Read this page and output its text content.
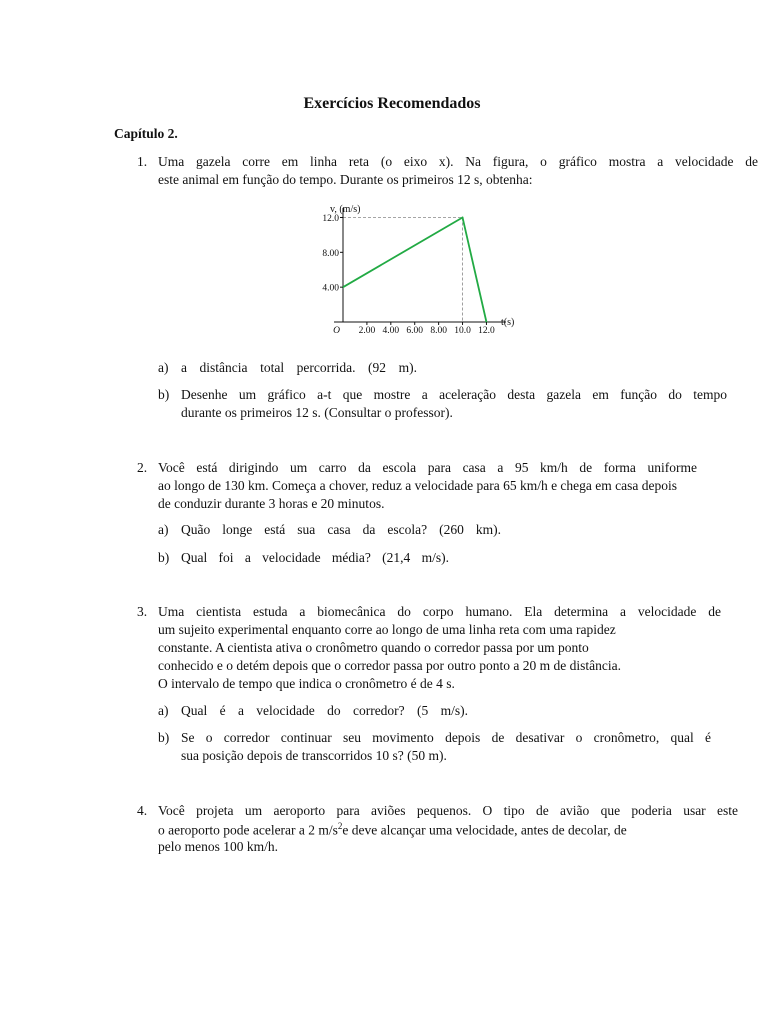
Exercícios Recomendados
Capítulo 2.
1. Uma gazela corre em linha reta (o eixo x). Na figura, o gráfico mostra a velocidade de
este animal em função do tempo. Durante os primeiros 12 s, obtenha:
4.00
8.00
12.0
2.00 4.00 6.00 8.00 10.0 12.0
O
v, (m/s)
t(s)
a) a distância total percorrida. (92 m).
b) Desenhe um gráfico a-t que mostre a aceleração desta gazela em função do tempo
durante os primeiros 12 s. (Consultar o professor).
2. Você está dirigindo um carro da escola para casa a 95 km/h de forma uniforme
ao longo de 130 km. Começa a chover, reduz a velocidade para 65 km/h e chega em casa depois
de conduzir durante 3 horas e 20 minutos.
a) Quão longe está sua casa da escola? (260 km).
b) Qual foi a velocidade média? (21,4 m/s).
3. Uma cientista estuda a biomecânica do corpo humano. Ela determina a velocidade de
um sujeito experimental enquanto corre ao longo de uma linha reta com uma rapidez
constante. A cientista ativa o cronômetro quando o corredor passa por um ponto
conhecido e o detém depois que o corredor passa por outro ponto a 20 m de distância.
O intervalo de tempo que indica o cronômetro é de 4 s.
a) Qual é a velocidade do corredor? (5 m/s).
b) Se o corredor continuar seu movimento depois de desativar o cronômetro, qual é
sua posição depois de transcorridos 10 s? (50 m).
4. Você projeta um aeroporto para aviões pequenos. O tipo de avião que poderia usar este
o aeroporto pode acelerar a 2 $m/s^2e$ deve alcançar uma velocidade, antes de decolar, de
pelo menos 100 km/h.
